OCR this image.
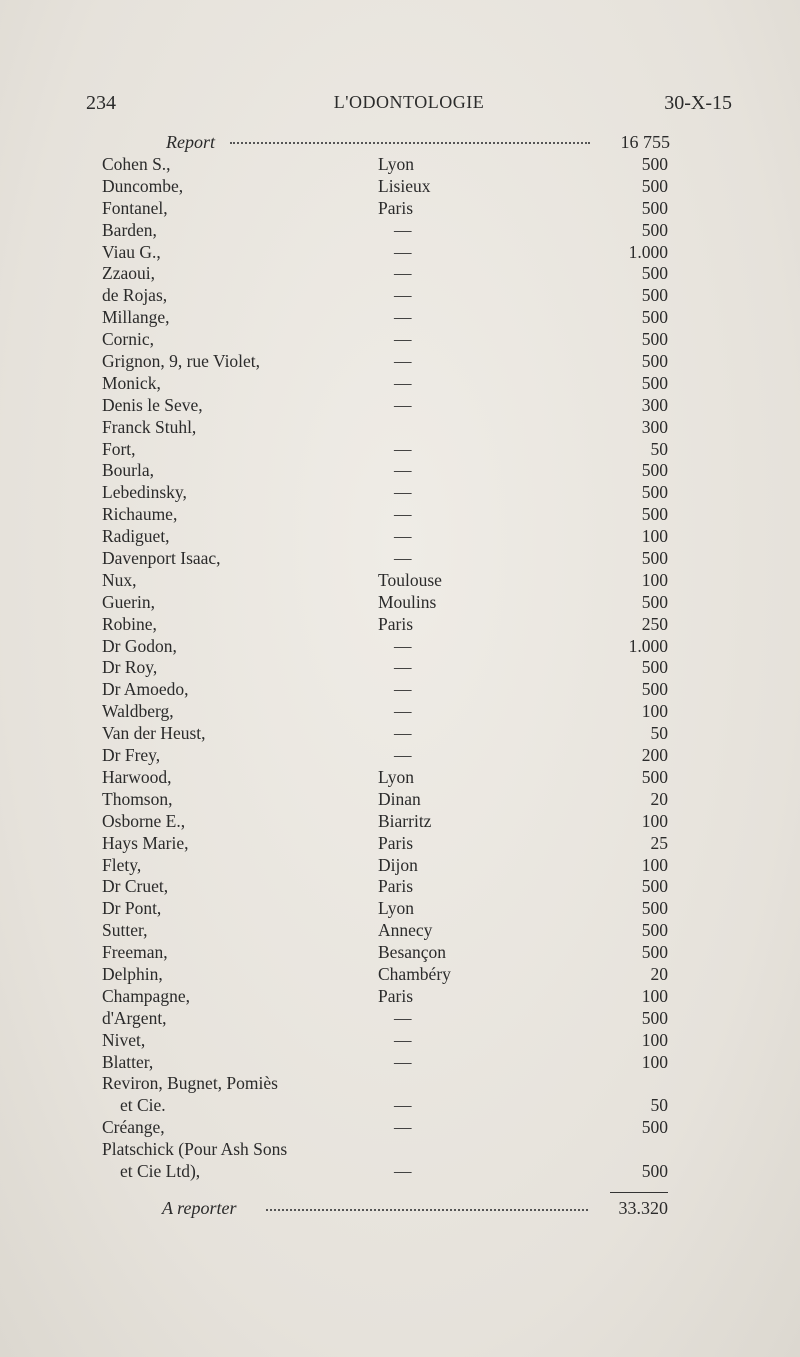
234	L'ODONTOLOGIE	30-X-15
Report	16 755
Cohen S.,	Lyon	500
Duncombe,	Lisieux	500
Fontanel,	Paris	500
Barden,	—	500
Viau G.,	—	1.000
Zzaoui,	—	500
de Rojas,	—	500
Millange,	—	500
Cornic,	—	500
Grignon, 9, rue Violet,	—	500
Monick,	—	500
Denis le Seve,	—	300
Franck Stuhl,	300
Fort,	—	50
Bourla,	—	500
Lebedinsky,	—	500
Richaume,	—	500
Radiguet,	—	100
Davenport Isaac,	—	500
Nux,	Toulouse	100
Guerin,	Moulins	500
Robine,	Paris	250
Dr Godon,	—	1.000
Dr Roy,	—	500
Dr Amoedo,	—	500
Waldberg,	—	100
Van der Heust,	—	50
Dr Frey,	—	200
Harwood,	Lyon	500
Thomson,	Dinan	20
Osborne E.,	Biarritz	100
Hays Marie,	Paris	25
Flety,	Dijon	100
Dr Cruet,	Paris	500
Dr Pont,	Lyon	500
Sutter,	Annecy	500
Freeman,	Besançon	500
Delphin,	Chambéry	20
Champagne,	Paris	100
d'Argent,	—	500
Nivet,	—	100
Blatter,	—	100
Reviron, Bugnet, Pomiès
et Cie.	—	50
Créange,	—	500
Platschick (Pour Ash Sons
et Cie Ltd),	—	500
A reporter	33.320
